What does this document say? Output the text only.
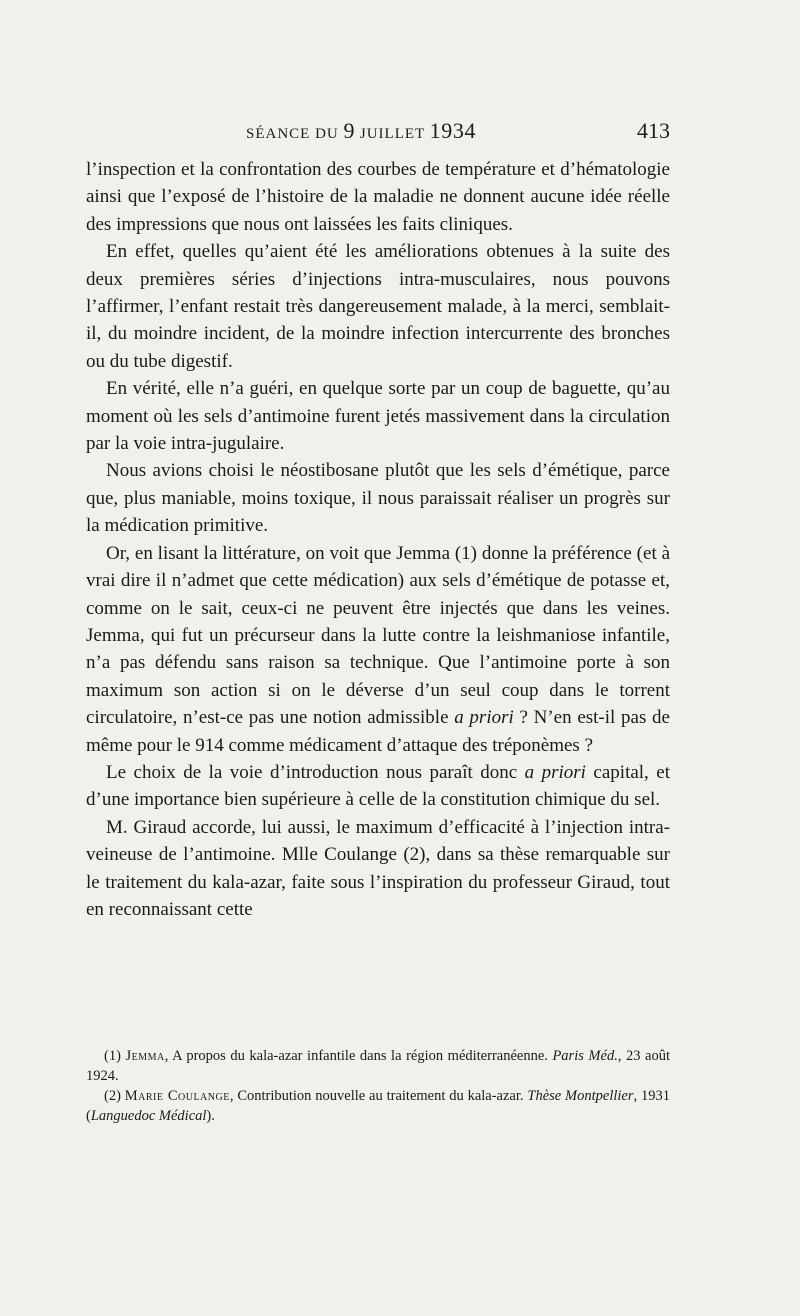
SÉANCE DU 9 JUILLET 1934	413

l’inspection et la confrontation des courbes de température et d’hématologie ainsi que l’exposé de l’histoire de la maladie ne donnent aucune idée réelle des impressions que nous ont laissées les faits cliniques.

En effet, quelles qu’aient été les améliorations obtenues à la suite des deux premières séries d’injections intra-musculaires, nous pouvons l’affirmer, l’enfant restait très dangereusement malade, à la merci, semblait-il, du moindre incident, de la moindre infection intercurrente des bronches ou du tube digestif.

En vérité, elle n’a guéri, en quelque sorte par un coup de baguette, qu’au moment où les sels d’antimoine furent jetés massivement dans la circulation par la voie intra-jugulaire.

Nous avions choisi le néostibosane plutôt que les sels d’émétique, parce que, plus maniable, moins toxique, il nous paraissait réaliser un progrès sur la médication primitive.

Or, en lisant la littérature, on voit que Jemma (1) donne la préférence (et à vrai dire il n’admet que cette médication) aux sels d’émétique de potasse et, comme on le sait, ceux-ci ne peuvent être injectés que dans les veines. Jemma, qui fut un précurseur dans la lutte contre la leishmaniose infantile, n’a pas défendu sans raison sa technique. Que l’antimoine porte à son maximum son action si on le déverse d’un seul coup dans le torrent circulatoire, n’est-ce pas une notion admissible a priori ? N’en est-il pas de même pour le 914 comme médicament d’attaque des tréponèmes ?

Le choix de la voie d’introduction nous paraît donc a priori capital, et d’une importance bien supérieure à celle de la constitution chimique du sel.

M. Giraud accorde, lui aussi, le maximum d’efficacité à l’injection intra-veineuse de l’antimoine. Mlle Coulange (2), dans sa thèse remarquable sur le traitement du kala-azar, faite sous l’inspiration du professeur Giraud, tout en reconnaissant cette

(1) Jemma, A propos du kala-azar infantile dans la région méditerranéenne. Paris Méd., 23 août 1924.

(2) Marie Coulange, Contribution nouvelle au traitement du kala-azar. Thèse Montpellier, 1931 (Languedoc Médical).
